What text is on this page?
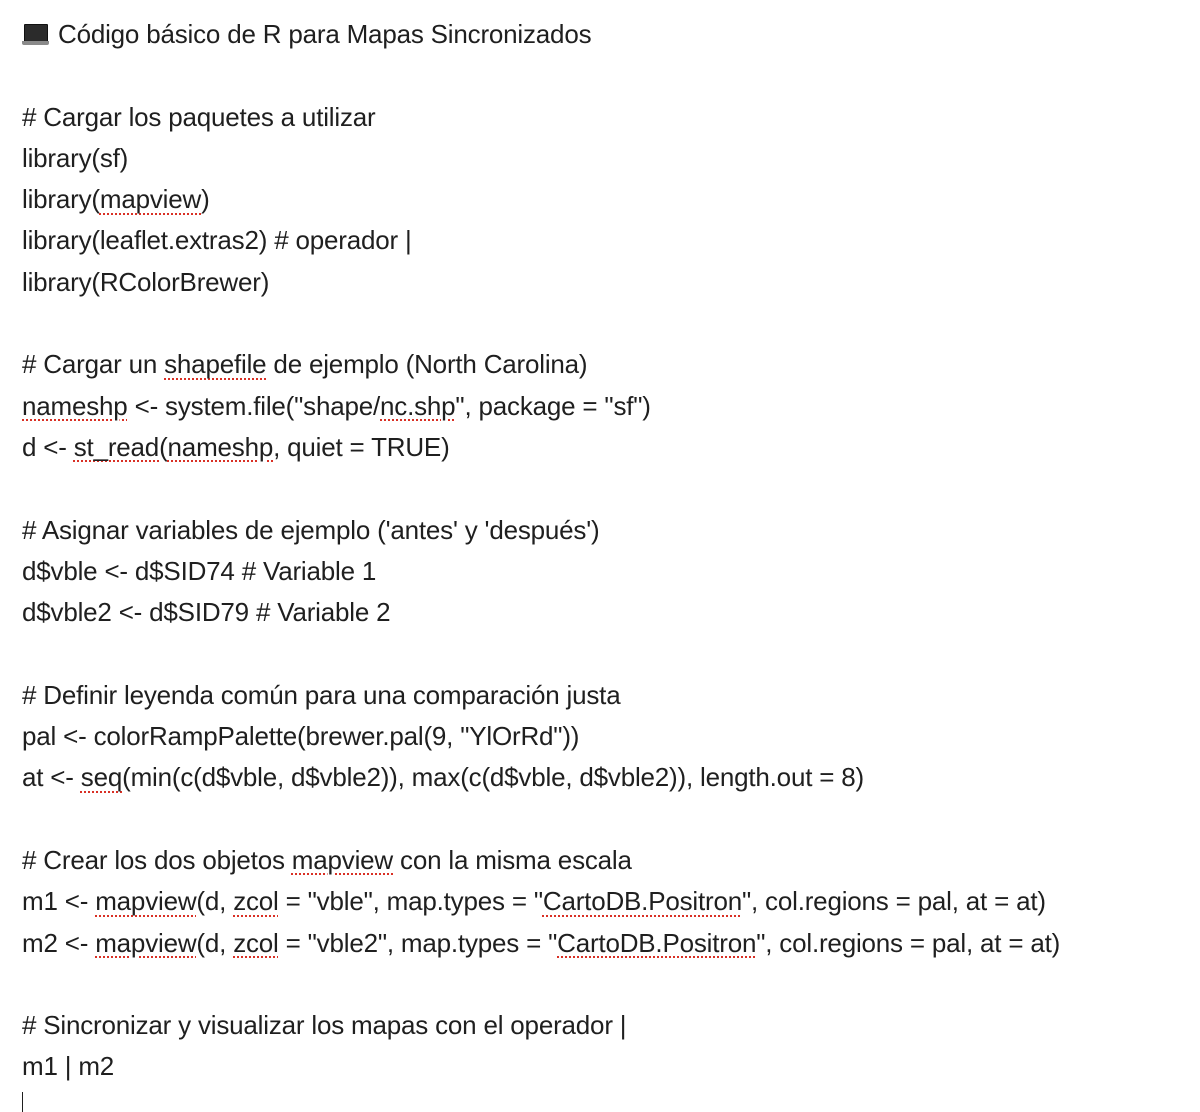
Código básico de R para Mapas Sincronizados
# Cargar los paquetes a utilizar
library(sf)
library(mapview)
library(leaflet.extras2) # operador |
library(RColorBrewer)
# Cargar un shapefile de ejemplo (North Carolina)
nameshp <- system.file("shape/nc.shp", package = "sf")
d <- st_read(nameshp, quiet = TRUE)
# Asignar variables de ejemplo ('antes' y 'después')
d$vble <- d$SID74 # Variable 1
d$vble2 <- d$SID79 # Variable 2
# Definir leyenda común para una comparación justa
pal <- colorRampPalette(brewer.pal(9, "YlOrRd"))
at <- seq(min(c(d$vble, d$vble2)), max(c(d$vble, d$vble2)), length.out = 8)
# Crear los dos objetos mapview con la misma escala
m1 <- mapview(d, zcol = "vble", map.types = "CartoDB.Positron", col.regions = pal, at = at)
m2 <- mapview(d, zcol = "vble2", map.types = "CartoDB.Positron", col.regions = pal, at = at)
# Sincronizar y visualizar los mapas con el operador |
m1 | m2
